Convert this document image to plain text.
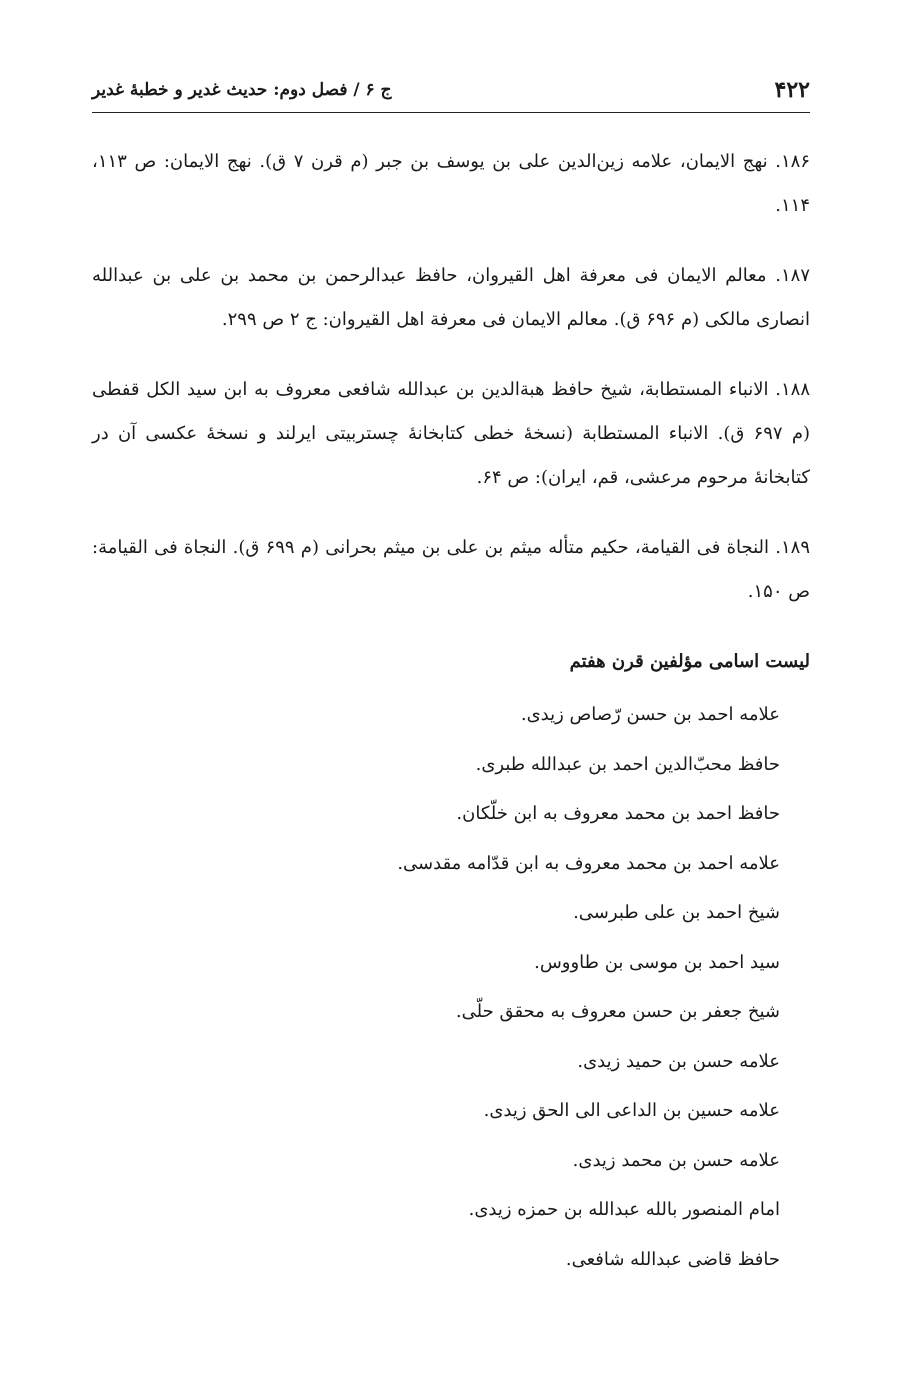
۴۲۲
ج ۶ / فصل دوم: حدیث غدیر و خطبهٔ غدیر

۱۸۶. نهج الایمان، علامه زین‌الدین علی بن یوسف بن جبر (م قرن ۷ ق). نهج الایمان: ص ۱۱۳، ۱۱۴.

۱۸۷. معالم الایمان فی معرفة اهل القیروان، حافظ عبدالرحمن بن محمد بن علی بن عبدالله انصاری مالکی (م ۶۹۶ ق). معالم الایمان فی معرفة اهل القیروان: ج ۲ ص ۲۹۹.

۱۸۸. الانباء المستطابة، شیخ حافظ هبة‌الدین بن عبدالله شافعی معروف به ابن سید الکل قفطی (م ۶۹۷ ق). الانباء المستطابة (نسخهٔ خطی کتابخانهٔ چستربیتی ایرلند و نسخهٔ عکسی آن در کتابخانهٔ مرحوم مرعشی، قم، ایران): ص ۶۴.

۱۸۹. النجاة فی القیامة، حکیم متأله میثم بن علی بن میثم بحرانی (م ۶۹۹ ق). النجاة فی القیامة: ص ۱۵۰.

لیست اسامی مؤلفین قرن هفتم
علامه احمد بن حسن رّصاص زیدی.
حافظ محبّ‌الدین احمد بن عبدالله طبری.
حافظ احمد بن محمد معروف به ابن خلّکان.
علامه احمد بن محمد معروف به ابن قدّامه مقدسی.
شیخ احمد بن علی طبرسی.
سید احمد بن موسی بن طاووس.
شیخ جعفر بن حسن معروف به محقق حلّی.
علامه حسن بن حمید زیدی.
علامه حسین بن الداعی الی الحق زیدی.
علامه حسن بن محمد زیدی.
امام المنصور بالله عبدالله بن حمزه زیدی.
حافظ قاضی عبدالله شافعی.
